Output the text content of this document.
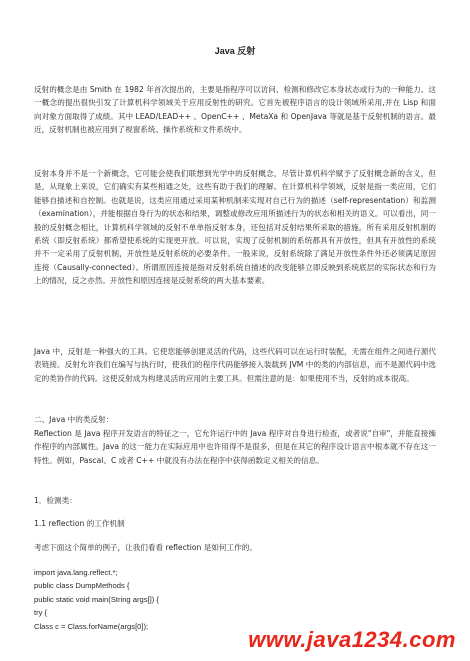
Java 反射
反射的概念是由 Smith 在 1982 年首次提出的，主要是指程序可以访问、检测和修改它本身状态或行为的一种能力。这一概念的提出很快引发了计算机科学领域关于应用反射性的研究。它首先被程序语言的设计领域所采用,并在 Lisp 和面向对象方面取得了成绩。其中 LEAD/LEAD++ 、OpenC++ 、MetaXa 和 OpenJava 等就是基于反射机制的语言。最近，反射机制也被应用到了视窗系统、操作系统和文件系统中。
反射本身并不是一个新概念，它可能会使我们联想到光学中的反射概念，尽管计算机科学赋予了反射概念新的含义，但是，从现象上来说，它们确实有某些相通之处，这些有助于我们的理解。在计算机科学领域，反射是指一类应用，它们能够自描述和自控制。也就是说，这类应用通过采用某种机制来实现对自己行为的描述（self-representation）和监测（examination），并能根据自身行为的状态和结果，调整或修改应用所描述行为的状态和相关的语义。可以看出，同一般的反射概念相比，计算机科学领域的反射不单单指反射本身，还包括对反射结果所采取的措施。所有采用反射机制的系统（即反射系统）都希望使系统的实现更开放。可以说，实现了反射机制的系统都具有开放性，但具有开放性的系统并不一定采用了反射机制，开放性是反射系统的必要条件。一般来说，反射系统除了满足开放性条件外还必须满足原因连接（Causally-connected）。所谓原因连接是指对反射系统自描述的改变能够立即反映到系统底层的实际状态和行为上的情况，反之亦然。开放性和原因连接是反射系统的两大基本要素。
Java 中，反射是一种强大的工具。它使您能够创建灵活的代码，这些代码可以在运行时装配，无需在组件之间进行源代表链接。反射允许我们在编写与执行时，使我们的程序代码能够接入装载到 JVM 中的类的内部信息，而不是源代码中选定的类协作的代码。这使反射成为构建灵活的应用的主要工具。但需注意的是：如果使用不当，反射的成本很高。
二、Java 中的类反射：
Reflection 是 Java 程序开发语言的特征之一，它允许运行中的 Java 程序对自身进行检查，或者说"自审"，并能直接操作程序的内部属性。Java 的这一能力在实际应用中也许用得不是很多，但是在其它的程序设计语言中根本就不存在这一特性。例如，Pascal、C 或者 C++ 中就没有办法在程序中获得函数定义相关的信息。
1．检测类：
1.1 reflection 的工作机制
考虑下面这个简单的例子，让我们看看 reflection 是如何工作的。
import java.lang.reflect.*;
public class DumpMethods {
public static void main(String args[]) {
try {
Class c = Class.forName(args[0]);
www.java1234.com
